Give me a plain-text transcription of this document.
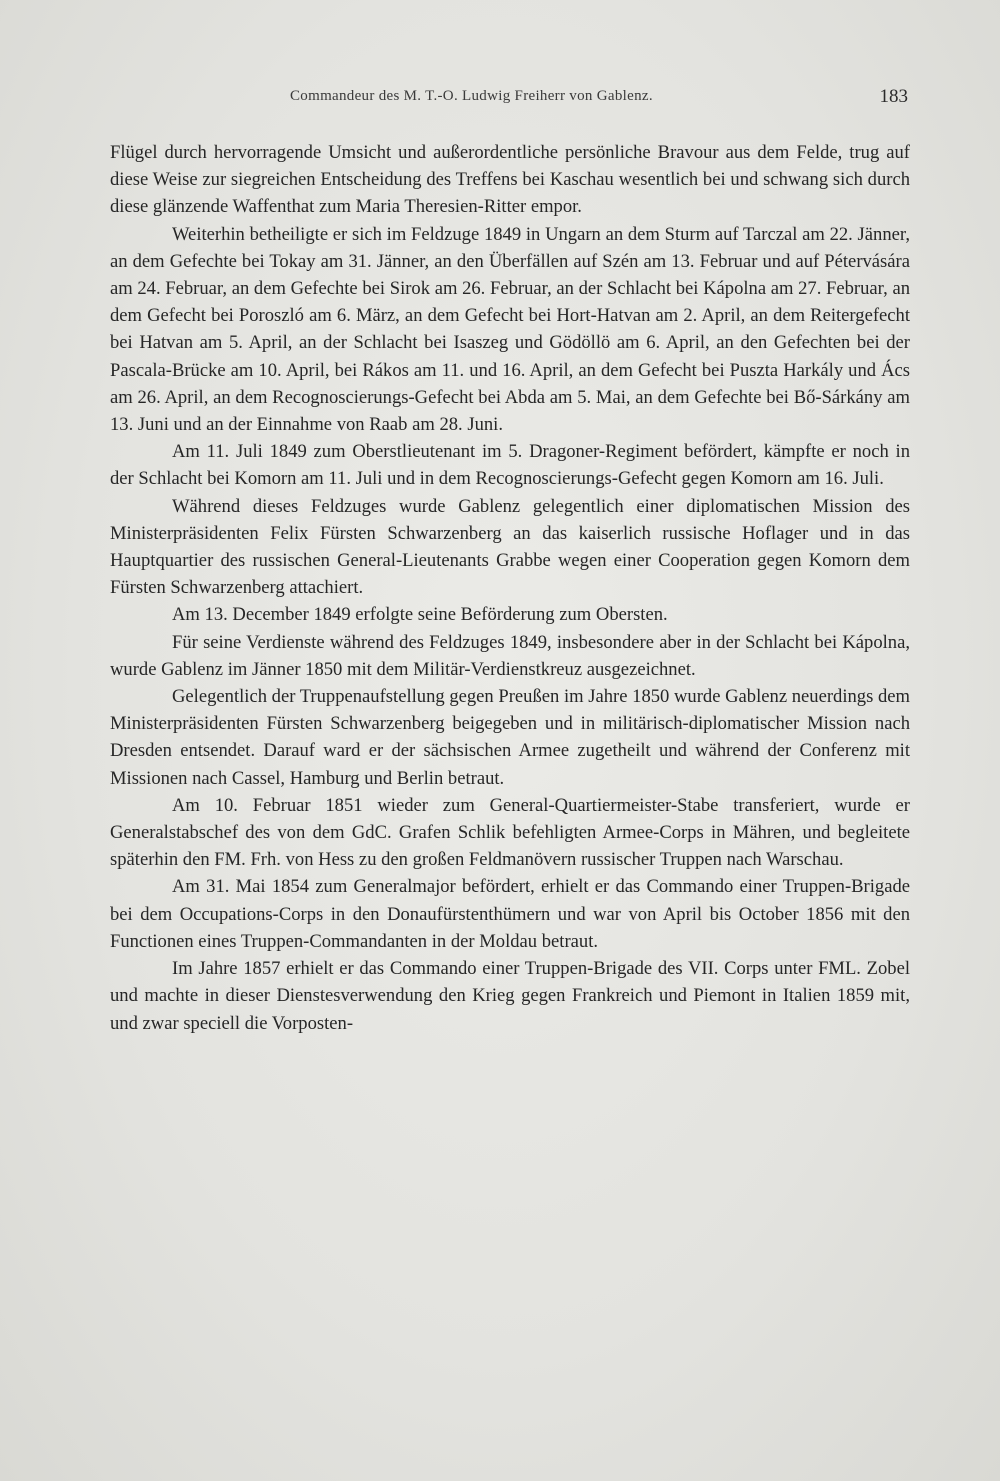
Commandeur des M. T.-O. Ludwig Freiherr von Gablenz.	183

Flügel durch hervorragende Umsicht und außerordentliche persönliche Bravour aus dem Felde, trug auf diese Weise zur siegreichen Entscheidung des Treffens bei Kaschau wesentlich bei und schwang sich durch diese glänzende Waffenthat zum Maria Theresien-Ritter empor.

Weiterhin betheiligte er sich im Feldzuge 1849 in Ungarn an dem Sturm auf Tarczal am 22. Jänner, an dem Gefechte bei Tokay am 31. Jänner, an den Überfällen auf Szén am 13. Februar und auf Pétervására am 24. Februar, an dem Gefechte bei Sirok am 26. Februar, an der Schlacht bei Kápolna am 27. Februar, an dem Gefecht bei Poroszló am 6. März, an dem Gefecht bei Hort-Hatvan am 2. April, an dem Reitergefecht bei Hatvan am 5. April, an der Schlacht bei Isaszeg und Gödöllö am 6. April, an den Gefechten bei der Pascala-Brücke am 10. April, bei Rákos am 11. und 16. April, an dem Gefecht bei Puszta Harkály und Ács am 26. April, an dem Recognoscierungs-Gefecht bei Abda am 5. Mai, an dem Gefechte bei Bő-Sárkány am 13. Juni und an der Einnahme von Raab am 28. Juni.

Am 11. Juli 1849 zum Oberstlieutenant im 5. Dragoner-Regiment befördert, kämpfte er noch in der Schlacht bei Komorn am 11. Juli und in dem Recognoscierungs-Gefecht gegen Komorn am 16. Juli.

Während dieses Feldzuges wurde Gablenz gelegentlich einer diplomatischen Mission des Ministerpräsidenten Felix Fürsten Schwarzenberg an das kaiserlich russische Hoflager und in das Hauptquartier des russischen General-Lieutenants Grabbe wegen einer Cooperation gegen Komorn dem Fürsten Schwarzenberg attachiert.

Am 13. December 1849 erfolgte seine Beförderung zum Obersten.

Für seine Verdienste während des Feldzuges 1849, insbesondere aber in der Schlacht bei Kápolna, wurde Gablenz im Jänner 1850 mit dem Militär-Verdienstkreuz ausgezeichnet.

Gelegentlich der Truppenaufstellung gegen Preußen im Jahre 1850 wurde Gablenz neuerdings dem Ministerpräsidenten Fürsten Schwarzenberg beigegeben und in militärisch-diplomatischer Mission nach Dresden entsendet. Darauf ward er der sächsischen Armee zugetheilt und während der Conferenz mit Missionen nach Cassel, Hamburg und Berlin betraut.

Am 10. Februar 1851 wieder zum General-Quartiermeister-Stabe transferiert, wurde er Generalstabschef des von dem GdC. Grafen Schlik befehligten Armee-Corps in Mähren, und begleitete späterhin den FM. Frh. von Hess zu den großen Feldmanövern russischer Truppen nach Warschau.

Am 31. Mai 1854 zum Generalmajor befördert, erhielt er das Commando einer Truppen-Brigade bei dem Occupations-Corps in den Donaufürstenthümern und war von April bis October 1856 mit den Functionen eines Truppen-Commandanten in der Moldau betraut.

Im Jahre 1857 erhielt er das Commando einer Truppen-Brigade des VII. Corps unter FML. Zobel und machte in dieser Dienstesverwendung den Krieg gegen Frankreich und Piemont in Italien 1859 mit, und zwar speciell die Vorposten-
